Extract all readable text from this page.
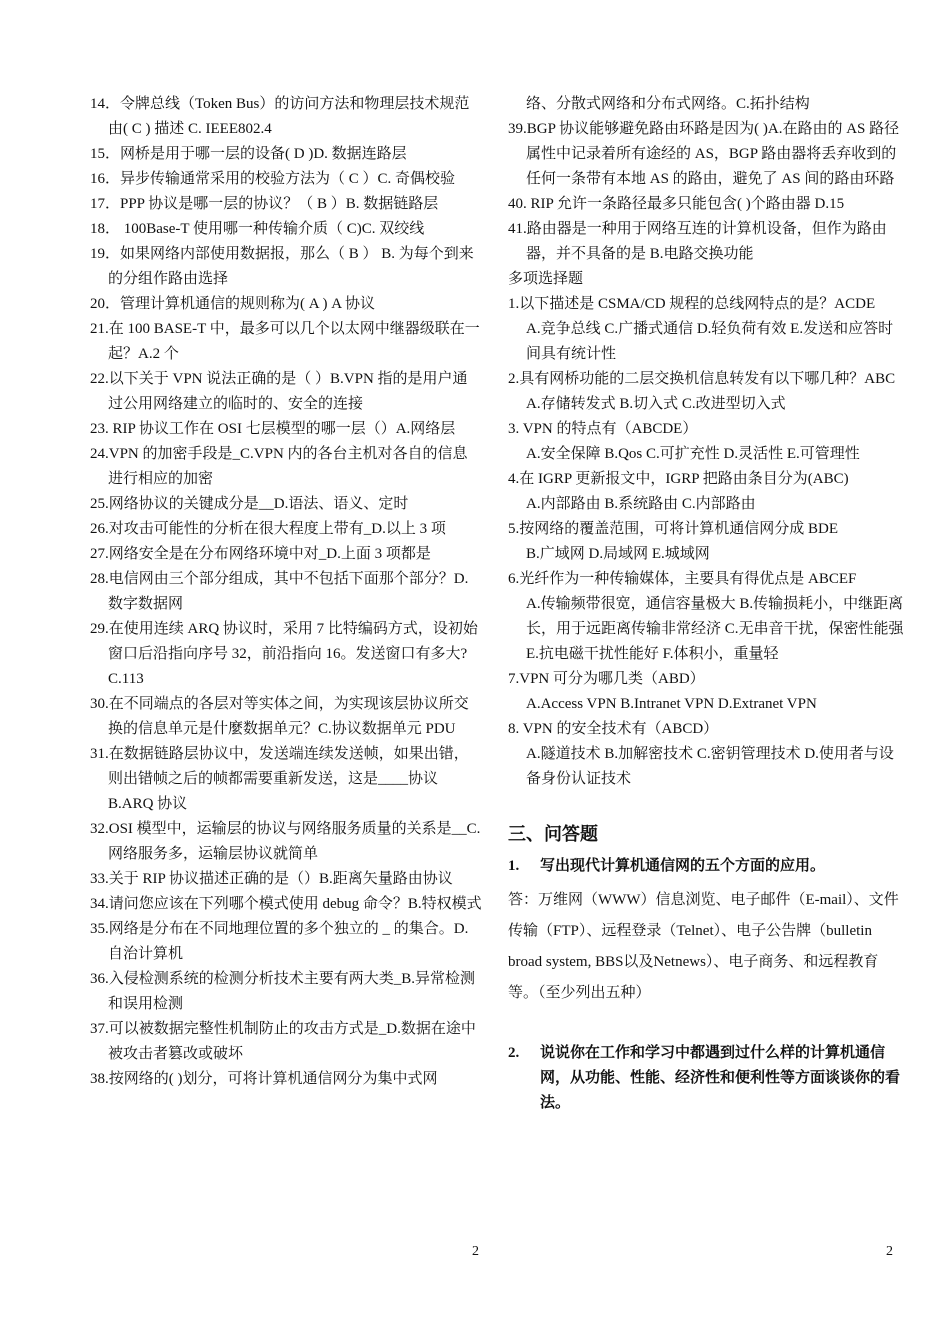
14．令牌总线（Token Bus）的访问方法和物理层技术规范由( C ) 描述 C. IEEE802.4
15．网桥是用于哪一层的设备( D )D. 数据连路层
16．异步传输通常采用的校验方法为（ C ）C. 奇偶校验
17．PPP 协议是哪一层的协议？（ B ）B. 数据链路层
18． 100Base-T 使用哪一种传输介质（ C)C. 双绞线
19．如果网络内部使用数据报，那么（ B ） B. 为每个到来的分组作路由选择
20．管理计算机通信的规则称为( A ) A 协议
21.在 100 BASE-T 中，最多可以几个以太网中继器级联在一起？A.2 个
22.以下关于 VPN 说法正确的是（ ）B.VPN 指的是用户通过公用网络建立的临时的、安全的连接
23. RIP 协议工作在 OSI 七层模型的哪一层（）A.网络层
24.VPN 的加密手段是_C.VPN 内的各台主机对各自的信息进行相应的加密
25.网络协议的关键成分是__D.语法、语义、定时
26.对攻击可能性的分析在很大程度上带有_D.以上 3 项
27.网络安全是在分布网络环境中对_D.上面 3 项都是
28.电信网由三个部分组成，其中不包括下面那个部分？D.数字数据网
29.在使用连续 ARQ 协议时，采用 7 比特编码方式，设初始窗口后沿指向序号 32，前沿指向 16。发送窗口有多大? C.113
30.在不同端点的各层对等实体之间，为实现该层协议所交换的信息单元是什麼数据单元？C.协议数据单元 PDU
31.在数据链路层协议中，发送端连续发送帧，如果出错，则出错帧之后的帧都需要重新发送，这是____协议 B.ARQ 协议
32.OSI 模型中，运输层的协议与网络服务质量的关系是__C.网络服务多，运输层协议就简单
33.关于 RIP 协议描述正确的是（）B.距离矢量路由协议
34.请问您应该在下列哪个模式使用 debug 命令？B.特权模式
35.网络是分布在不同地理位置的多个独立的 _ 的集合。D.自治计算机
36.入侵检测系统的检测分析技术主要有两大类_B.异常检测和误用检测
37.可以被数据完整性机制防止的攻击方式是_D.数据在途中被攻击者篡改或破坏
38.按网络的( )划分，可将计算机通信网分为集中式网
络、分散式网络和分布式网络。C.拓扑结构
39.BGP 协议能够避免路由环路是因为( )A.在路由的 AS 路径属性中记录着所有途经的 AS，BGP 路由器将丢弃收到的任何一条带有本地 AS 的路由，避免了 AS 间的路由环路
40. RIP 允许一条路径最多只能包含( )个路由器 D.15
41.路由器是一种用于网络互连的计算机设备，但作为路由器，并不具备的是 B.电路交换功能
多项选择题
1.以下描述是 CSMA/CD 规程的总线网特点的是？ACDE
A.竞争总线 C.广播式通信 D.轻负荷有效 E.发送和应答时间具有统计性
2.具有网桥功能的二层交换机信息转发有以下哪几种？ABC
A.存储转发式 B.切入式 C.改进型切入式
3. VPN 的特点有（ABCDE）
A.安全保障 B.Qos C.可扩充性 D.灵活性 E.可管理性
4.在 IGRP 更新报文中，IGRP 把路由条目分为(ABC)
A.内部路由 B.系统路由 C.内部路由
5.按网络的覆盖范围，可将计算机通信网分成 BDE
B.广域网 D.局域网 E.城域网
6.光纤作为一种传输媒体，主要具有得优点是 ABCEF
A.传输频带很宽，通信容量极大 B.传输损耗小，中继距离长，用于远距离传输非常经济 C.无串音干扰，保密性能强 E.抗电磁干扰性能好 F.体积小，重量轻
7.VPN 可分为哪几类（ABD）
A.Access VPN B.Intranet VPN D.Extranet VPN
8. VPN 的安全技术有（ABCD）
A.隧道技术 B.加解密技术 C.密钥管理技术 D.使用者与设备身份认证技术
三、问答题
1.	写出现代计算机通信网的五个方面的应用。
答：万维网（WWW）信息浏览、电子邮件（E-mail）、文件传输（FTP）、远程登录（Telnet）、电子公告牌（bulletin broad system, BBS以及Netnews）、电子商务、和远程教育等。（至少列出五种）
2.	说说你在工作和学习中都遇到过什么样的计算机通信网，从功能、性能、经济性和便利性等方面谈谈你的看法。
2	2
